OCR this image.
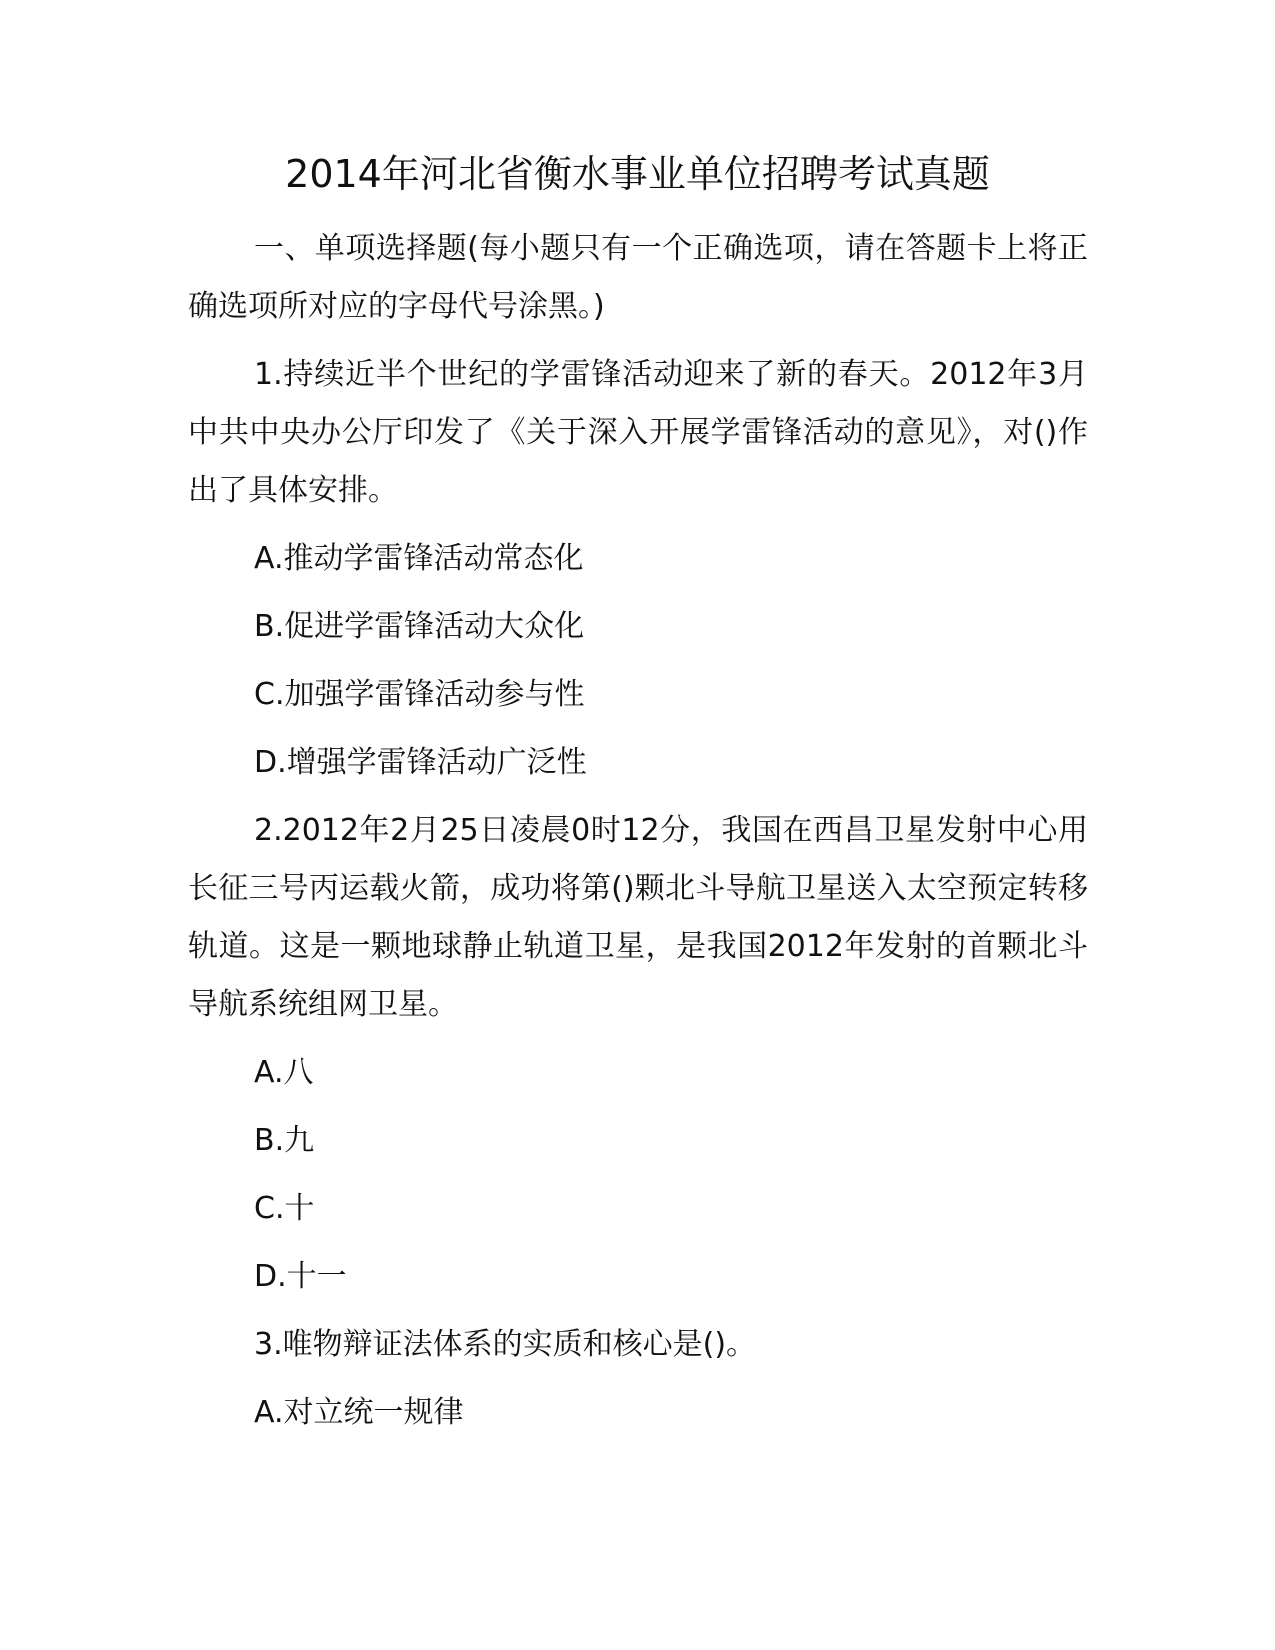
2014年河北省衡水事业单位招聘考试真题

一、单项选择题(每小题只有一个正确选项，请在答题卡上将正确选项所对应的字母代号涂黑。)

1.持续近半个世纪的学雷锋活动迎来了新的春天。2012年3月中共中央办公厅印发了《关于深入开展学雷锋活动的意见》，对()作出了具体安排。

A.推动学雷锋活动常态化

B.促进学雷锋活动大众化

C.加强学雷锋活动参与性

D.增强学雷锋活动广泛性

2.2012年2月25日凌晨0时12分，我国在西昌卫星发射中心用长征三号丙运载火箭，成功将第()颗北斗导航卫星送入太空预定转移轨道。这是一颗地球静止轨道卫星，是我国2012年发射的首颗北斗导航系统组网卫星。

A.八

B.九

C.十

D.十一

3.唯物辩证法体系的实质和核心是()。

A.对立统一规律
